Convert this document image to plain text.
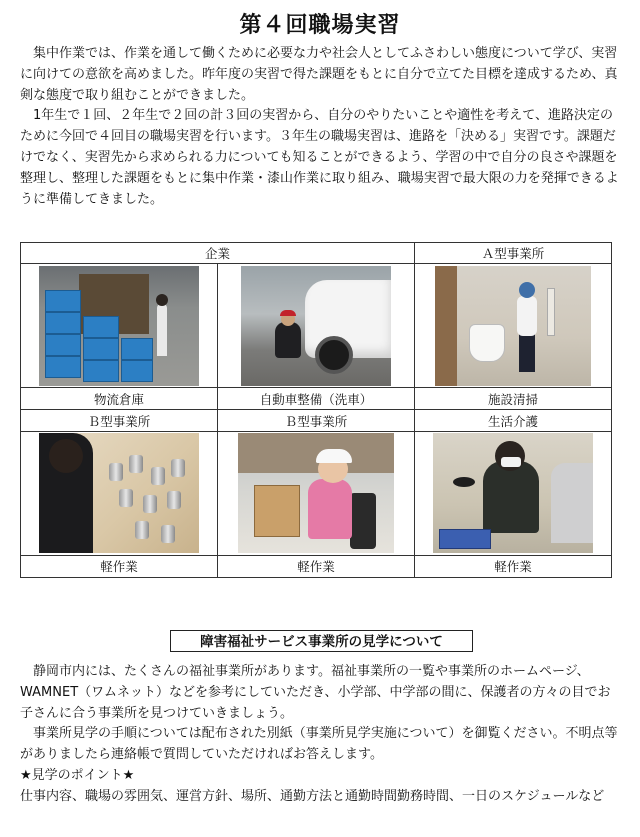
第４回職場実習

集中作業では、作業を通して働くために必要な力や社会人としてふさわしい態度について学び、実習に向けての意欲を高めました。昨年度の実習で得た課題をもとに自分で立てた目標を達成するため、真剣な態度で取り組むことができました。

1年生で１回、２年生で２回の計３回の実習から、自分のやりたいことや適性を考えて、進路決定のために今回で４回目の職場実習を行います。３年生の職場実習は、進路を「決める」実習です。課題だけでなく、実習先から求められる力についても知ることができるよう、学習の中で自分の良さや課題を整理し、整理した課題をもとに集中作業・漆山作業に取り組み、職場実習で最大限の力を発揮できるように準備してきました。

企業		Ａ型事業所

物流倉庫	自動車整備（洗車）	施設清掃
Ｂ型事業所	Ｂ型事業所	生活介護

軽作業	軽作業	軽作業
障害福祉サービス事業所の見学について

静岡市内には、たくさんの福祉事業所があります。福祉事業所の一覧や事業所のホームページ、WAMNET（ワムネット）などを参考にしていただき、小学部、中学部の間に、保護者の方々の目でお子さんに合う事業所を見つけていきましょう。

事業所見学の手順については配布された別紙（事業所見学実施について）を御覧ください。不明点等がありましたら連絡帳で質問していただければお答えします。

★見学のポイント★

仕事内容、職場の雰囲気、運営方針、場所、通勤方法と通勤時間勤務時間、一日のスケジュールなど
